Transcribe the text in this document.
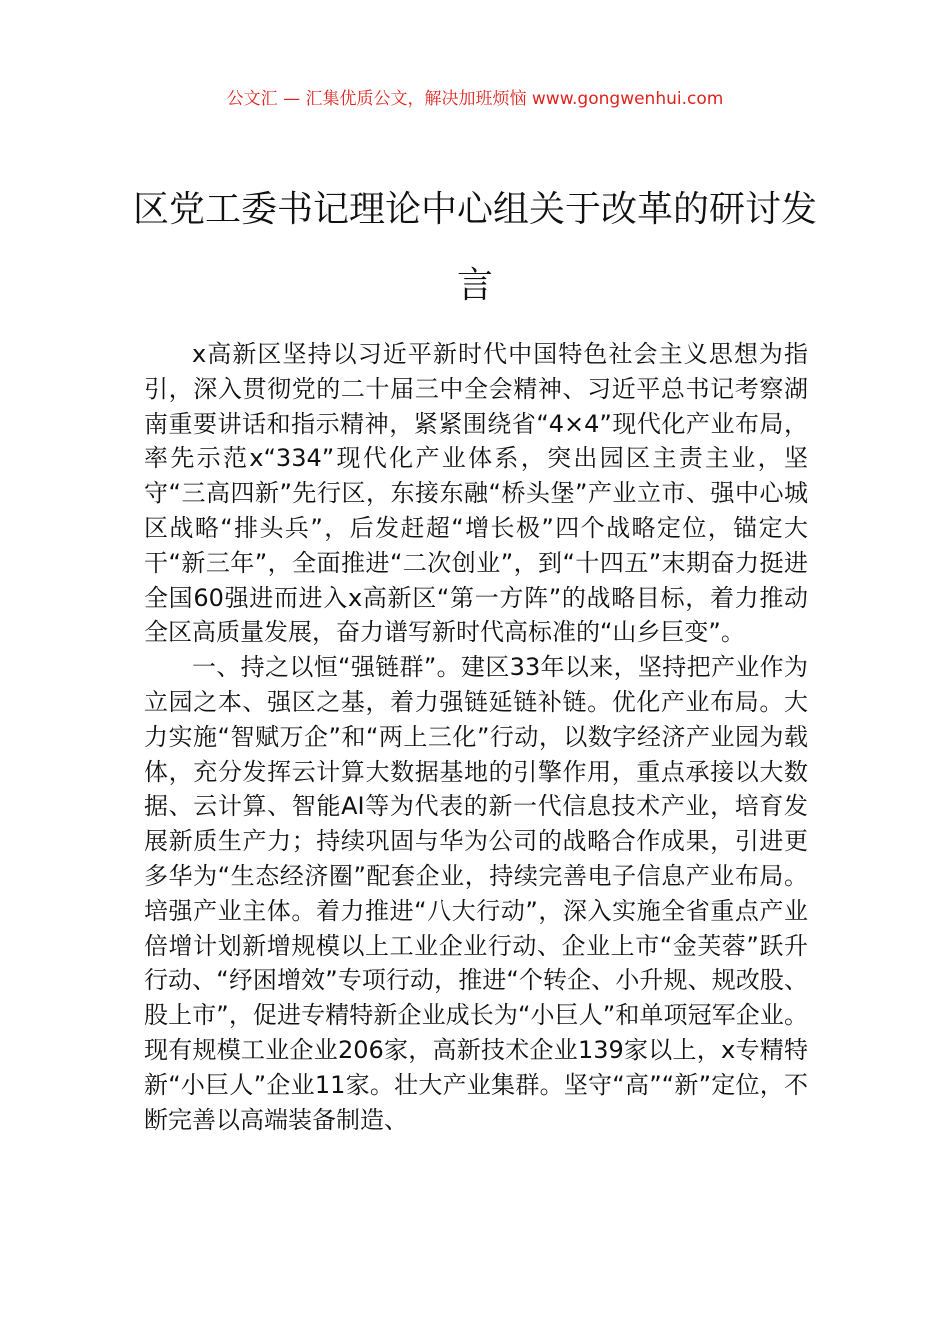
公文汇 — 汇集优质公文，解决加班烦恼 www.gongwenhui.com
区党工委书记理论中心组关于改革的研讨发言

x高新区坚持以习近平新时代中国特色社会主义思想为指引，深入贯彻党的二十届三中全会精神、习近平总书记考察湖南重要讲话和指示精神，紧紧围绕省“4×4”现代化产业布局，率先示范x“334”现代化产业体系，突出园区主责主业，坚守“三高四新”先行区，东接东融“桥头堡”产业立市、强中心城区战略“排头兵”，后发赶超“增长极”四个战略定位，锚定大干“新三年”，全面推进“二次创业”，到“十四五”末期奋力挺进全国60强进而进入x高新区“第一方阵”的战略目标，着力推动全区高质量发展，奋力谱写新时代高标准的“山乡巨变”。

一、持之以恒“强链群”。建区33年以来，坚持把产业作为立园之本、强区之基，着力强链延链补链。优化产业布局。大力实施“智赋万企”和“两上三化”行动，以数字经济产业园为载体，充分发挥云计算大数据基地的引擎作用，重点承接以大数据、云计算、智能AI等为代表的新一代信息技术产业，培育发展新质生产力；持续巩固与华为公司的战略合作成果，引进更多华为“生态经济圈”配套企业，持续完善电子信息产业布局。培强产业主体。着力推进“八大行动”，深入实施全省重点产业倍增计划新增规模以上工业企业行动、企业上市“金芙蓉”跃升行动、“纾困增效”专项行动，推进“个转企、小升规、规改股、股上市”，促进专精特新企业成长为“小巨人”和单项冠军企业。现有规模工业企业206家，高新技术企业139家以上，x专精特新“小巨人”企业11家。壮大产业集群。坚守“高”“新”定位，不断完善以高端装备制造、
